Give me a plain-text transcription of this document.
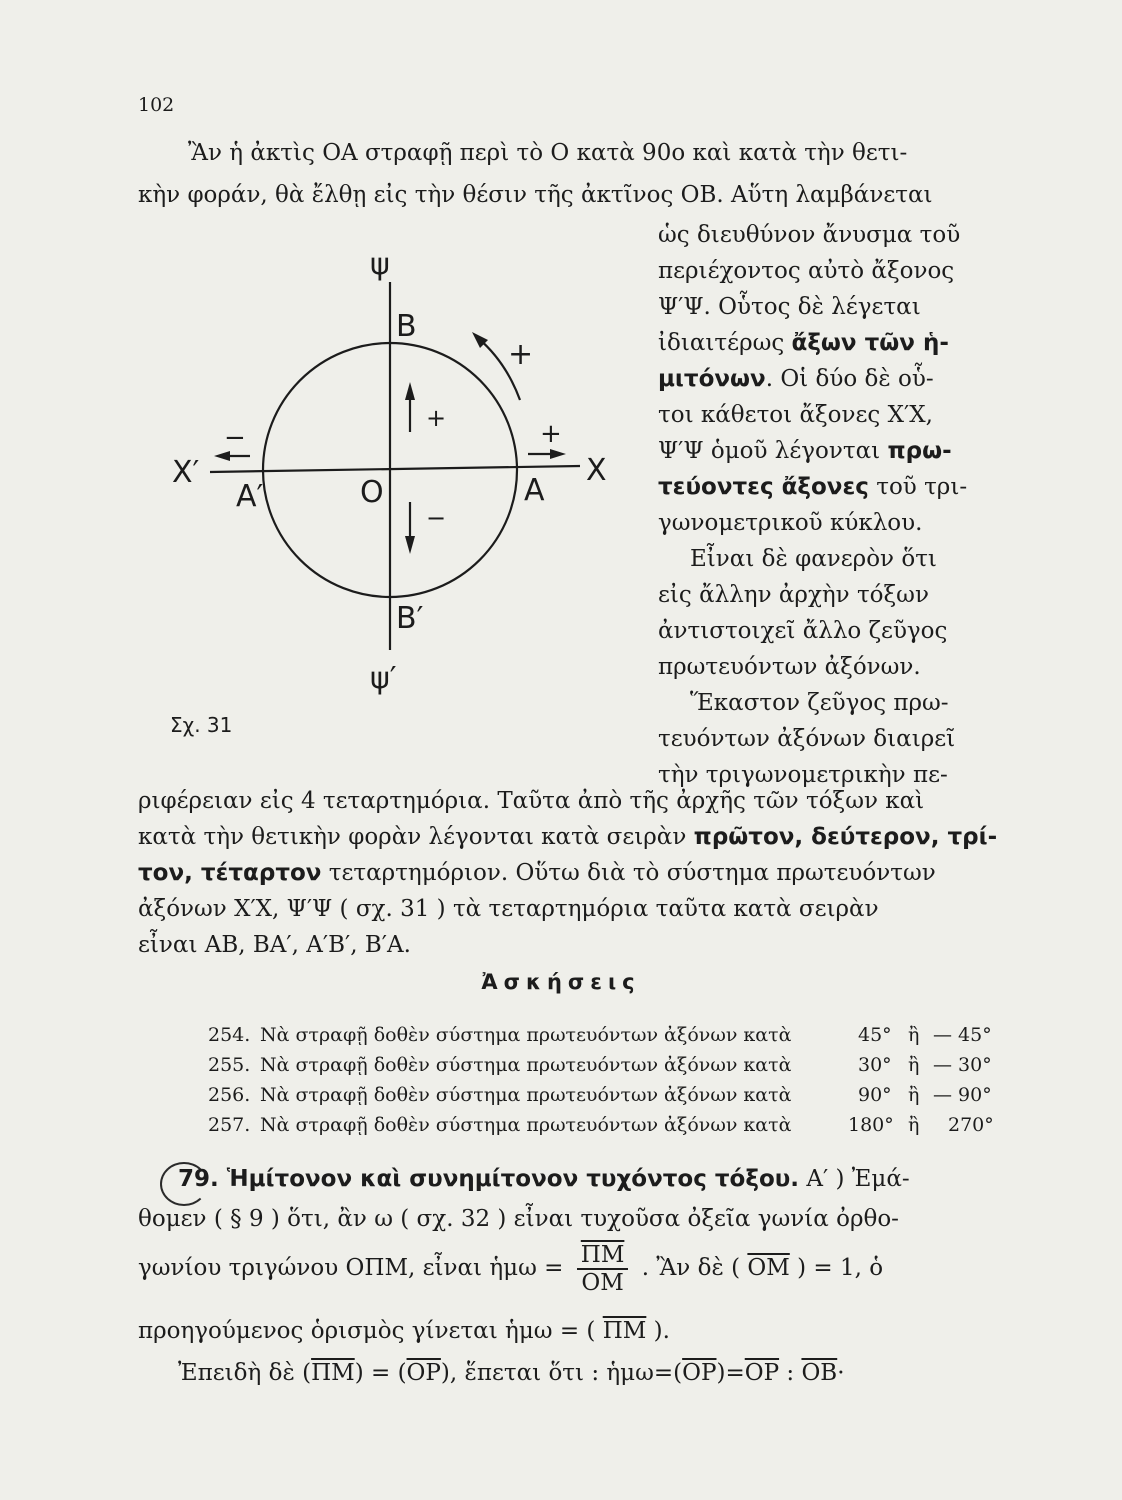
102
Ἂν ἡ ἀκτὶς ΟΑ στραφῇ περὶ τὸ Ο κατὰ 90ο καὶ κατὰ τὴν θετι-
κὴν φοράν, θὰ ἔλθῃ εἰς τὴν θέσιν τῆς ἀκτῖνος ΟΒ. Αὕτη λαμβάνεται
ὡς διευθύνον ἄνυσμα τοῦ
περιέχοντος αὐτὸ ἄξονος
Ψ′Ψ. Οὗτος δὲ λέγεται
ἰδιαιτέρως ἄξων τῶν ἡ-
μιτόνων. Οἱ δύο δὲ οὗ-
τοι κάθετοι ἄξονες Χ′Χ,
Ψ′Ψ ὁμοῦ λέγονται πρω-
τεύοντες ἄξονες τοῦ τρι-
γωνομετρικοῦ κύκλου.
Εἶναι δὲ φανερὸν ὅτι
εἰς ἄλλην ἀρχὴν τόξων
ἀντιστοιχεῖ ἄλλο ζεῦγος
πρωτευόντων ἀξόνων.
Ἕκαστον ζεῦγος πρω-
τευόντων ἀξόνων διαιρεῖ
τὴν τριγωνομετρικὴν πε-
ψ
B
+
+
−
−	+
X′	X
A′	O	A
B′
ψ′
Σχ. 31
ριφέρειαν εἰς 4 τεταρτημόρια. Ταῦτα ἀπὸ τῆς ἀρχῆς τῶν τόξων καὶ
κατὰ τὴν θετικὴν φορὰν λέγονται κατὰ σειρὰν πρῶτον, δεύτερον, τρί-
τον, τέταρτον τεταρτημόριον. Οὕτω διὰ τὸ σύστημα πρωτευόντων
ἀξόνων Χ′Χ, Ψ′Ψ ( σχ. 31 ) τὰ τεταρτημόρια ταῦτα κατὰ σειρὰν
εἶναι ΑΒ, ΒΑ′, Α′Β′, Β′Α.
Ἀσκήσεις
254. Νὰ στραφῇ δοθὲν σύστημα πρωτευόντων ἀξόνων κατὰ	45° ἢ — 45°
255. Νὰ στραφῇ δοθὲν σύστημα πρωτευόντων ἀξόνων κατὰ	30° ἢ — 30°
256. Νὰ στραφῇ δοθὲν σύστημα πρωτευόντων ἀξόνων κατὰ	90° ἢ — 90°
257. Νὰ στραφῇ δοθὲν σύστημα πρωτευόντων ἀξόνων κατὰ	180° ἢ 270°
79. Ἡμίτονον καὶ συνημίτονον τυχόντος τόξου. Α′ ) Ἐμά-
θομεν ( § 9 ) ὅτι, ἂν ω ( σχ. 32 ) εἶναι τυχοῦσα ὀξεῖα γωνία ὀρθο-
γωνίου τριγώνου ΟΠΜ, εἶναι ἡμω = $\frac{\overline{\Pi M}}{OM}$ . Ἂν δὲ ( $\overline{OM}$ ) = 1, ὁ
προηγούμενος ὁρισμὸς γίνεται ἡμω = ( $\overline{\Pi M}$ ).
Ἐπειδὴ δὲ $(\overline{\Pi M}) = (\overline{OP})$, ἕπεται ὅτι : $ἡ\mu\omega=(\overline{OP})=\overline{OP}$ : $\overline{OB}\cdot$
